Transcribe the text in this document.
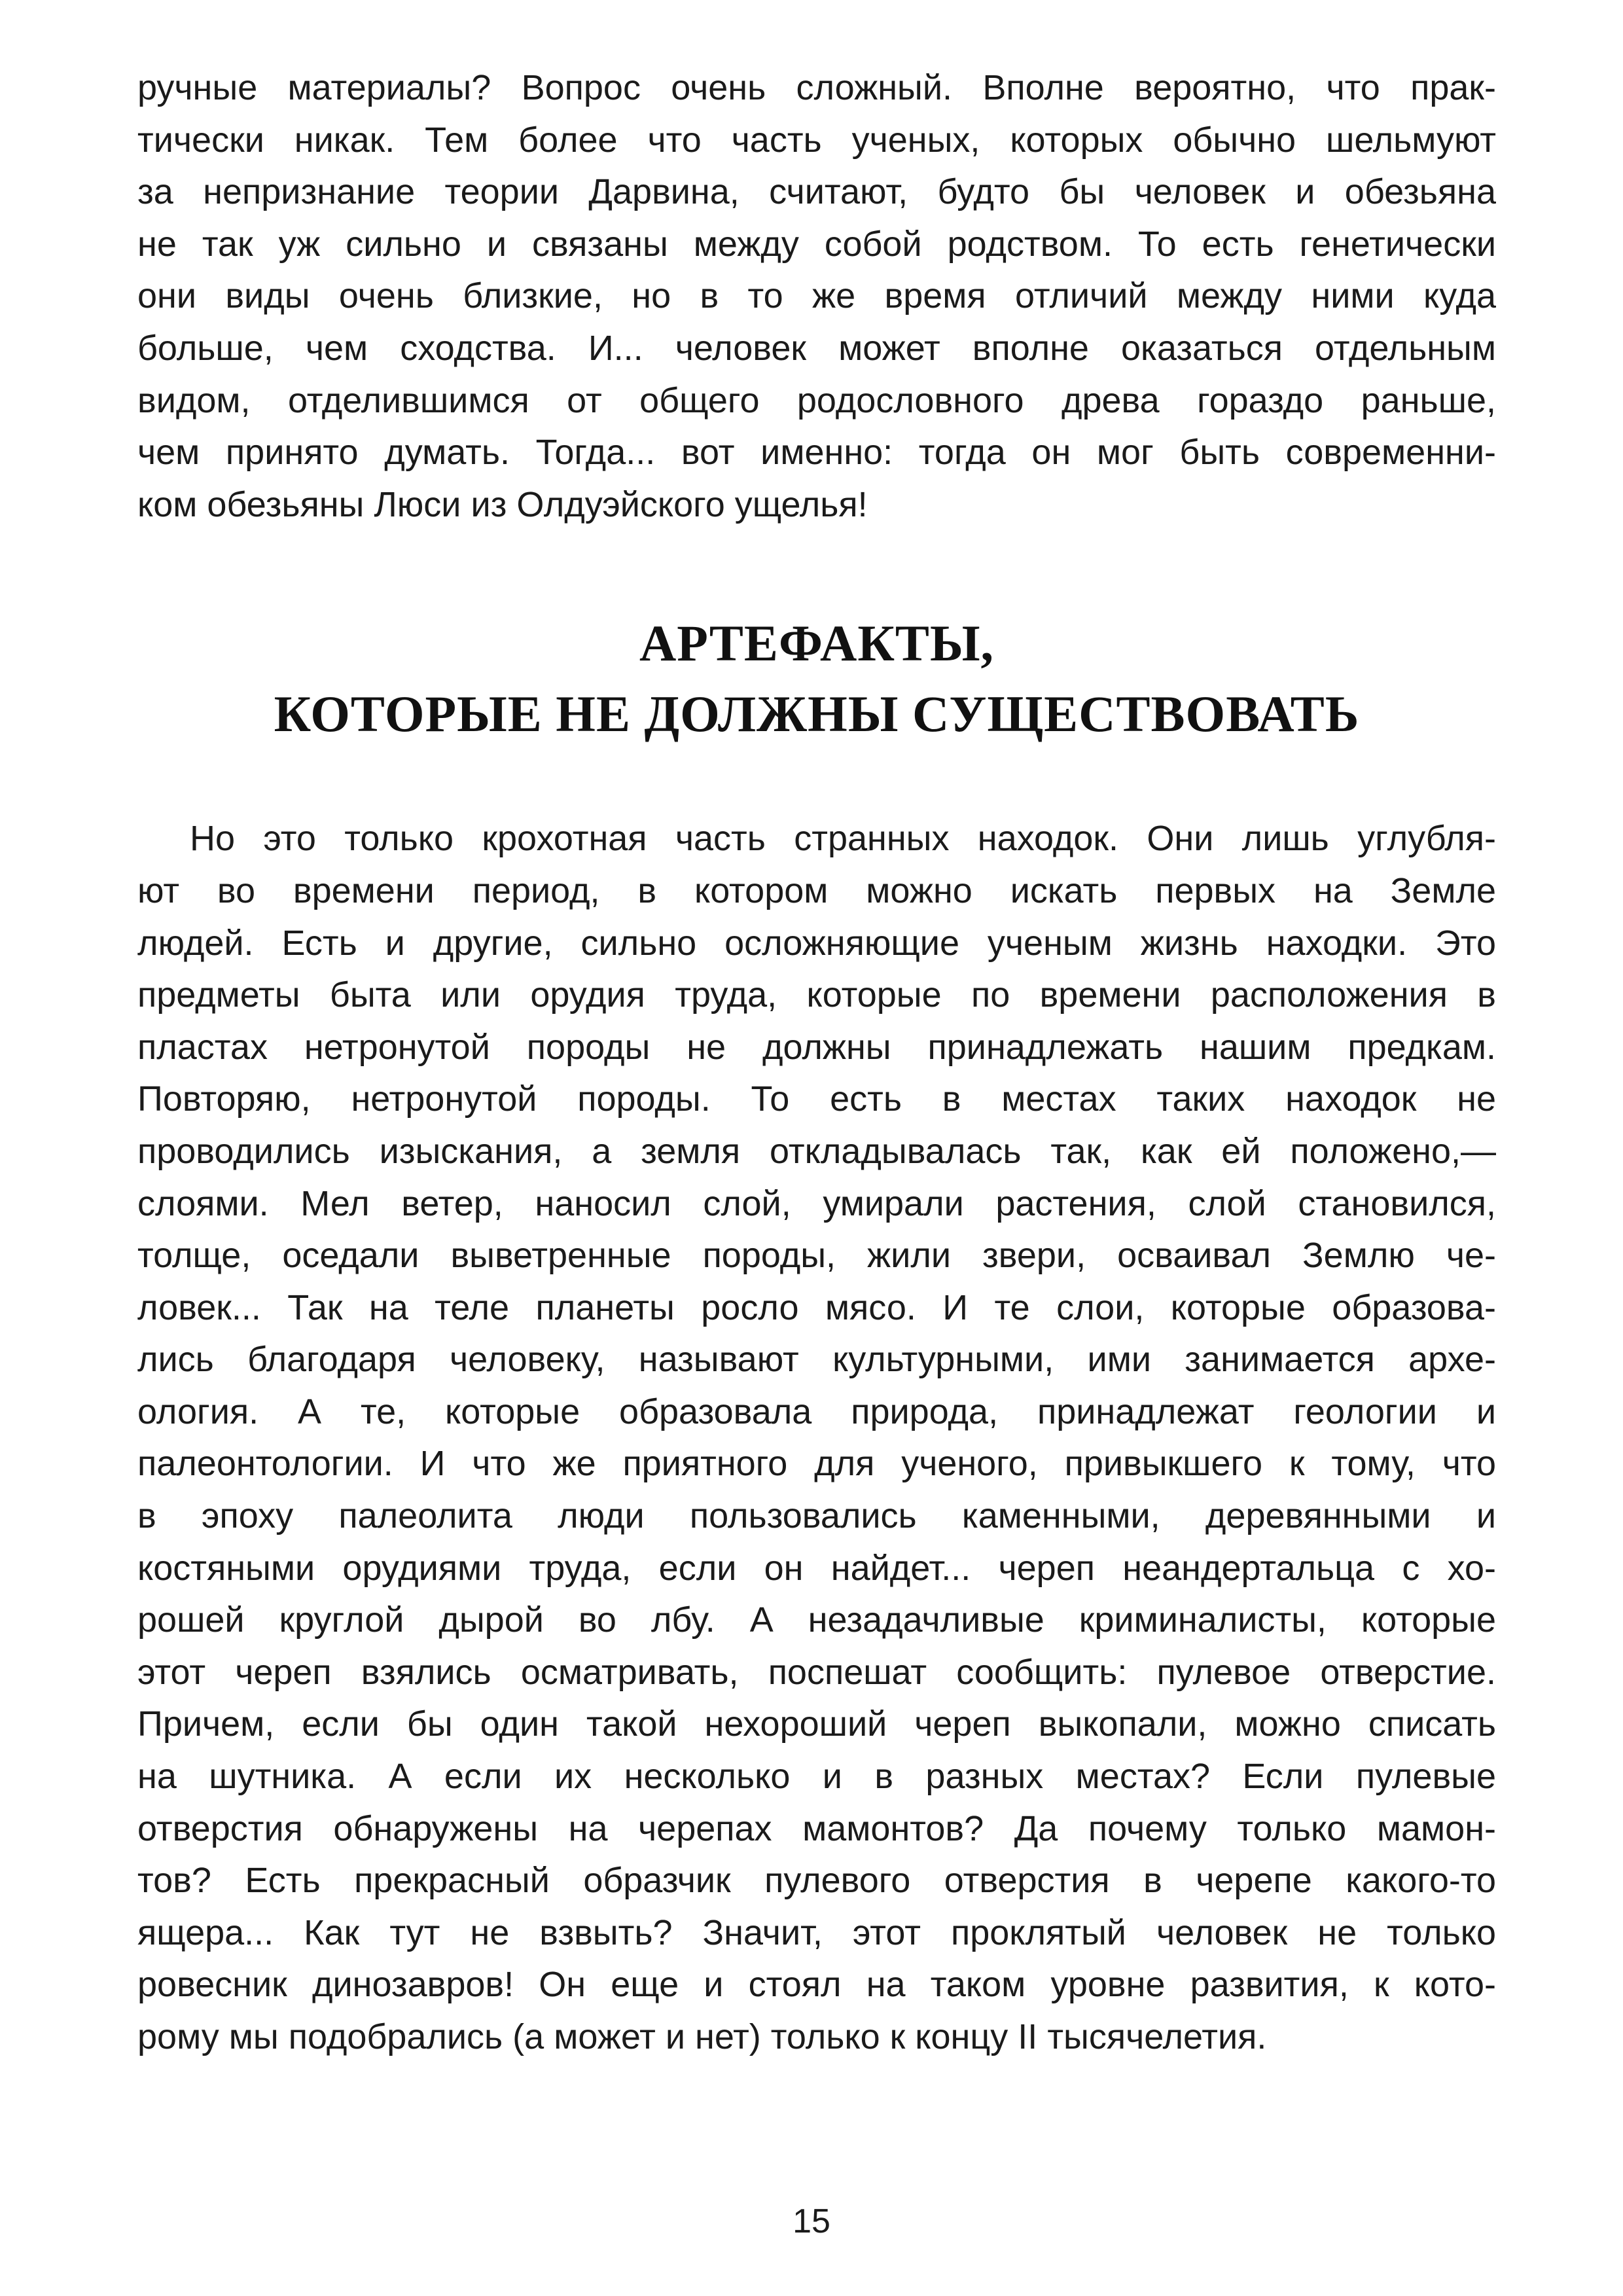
ручные материалы? Вопрос очень сложный. Вполне вероятно, что прак-
тически никак. Тем более что часть ученых, которых обычно шельмуют
за непризнание теории Дарвина, считают, будто бы человек и обезьяна
не так уж сильно и связаны между собой родством. То есть генетически
они виды очень близкие, но в то же время отличий между ними куда
больше, чем сходства. И... человек может вполне оказаться отдельным
видом, отделившимся от общего родословного древа гораздо раньше,
чем принято думать. Тогда... вот именно: тогда он мог быть современни-
ком обезьяны Люси из Олдуэйского ущелья!
АРТЕФАКТЫ,
КОТОРЫЕ НЕ ДОЛЖНЫ СУЩЕСТВОВАТЬ
Но это только крохотная часть странных находок. Они лишь углубля-
ют во времени период, в котором можно искать первых на Земле
людей. Есть и другие, сильно осложняющие ученым жизнь находки. Это
предметы быта или орудия труда, которые по времени расположения в
пластах нетронутой породы не должны принадлежать нашим предкам.
Повторяю, нетронутой породы. То есть в местах таких находок не
проводились изыскания, а земля откладывалась так, как ей положено,—
слоями. Мел ветер, наносил слой, умирали растения, слой становился,
толще, оседали выветренные породы, жили звери, осваивал Землю че-
ловек... Так на теле планеты росло мясо. И те слои, которые образова-
лись благодаря человеку, называют культурными, ими занимается архе-
ология. А те, которые образовала природа, принадлежат геологии и
палеонтологии. И что же приятного для ученого, привыкшего к тому, что
в эпоху палеолита люди пользовались каменными, деревянными и
костяными орудиями труда, если он найдет... череп неандертальца с хо-
рошей круглой дырой во лбу. А незадачливые криминалисты, которые
этот череп взялись осматривать, поспешат сообщить: пулевое отверстие.
Причем, если бы один такой нехороший череп выкопали, можно списать
на шутника. А если их несколько и в разных местах? Если пулевые
отверстия обнаружены на черепах мамонтов? Да почему только мамон-
тов? Есть прекрасный образчик пулевого отверстия в черепе какого-то
ящера... Как тут не взвыть? Значит, этот проклятый человек не только
ровесник динозавров! Он еще и стоял на таком уровне развития, к кото-
рому мы подобрались (а может и нет) только к концу II тысячелетия.
15
